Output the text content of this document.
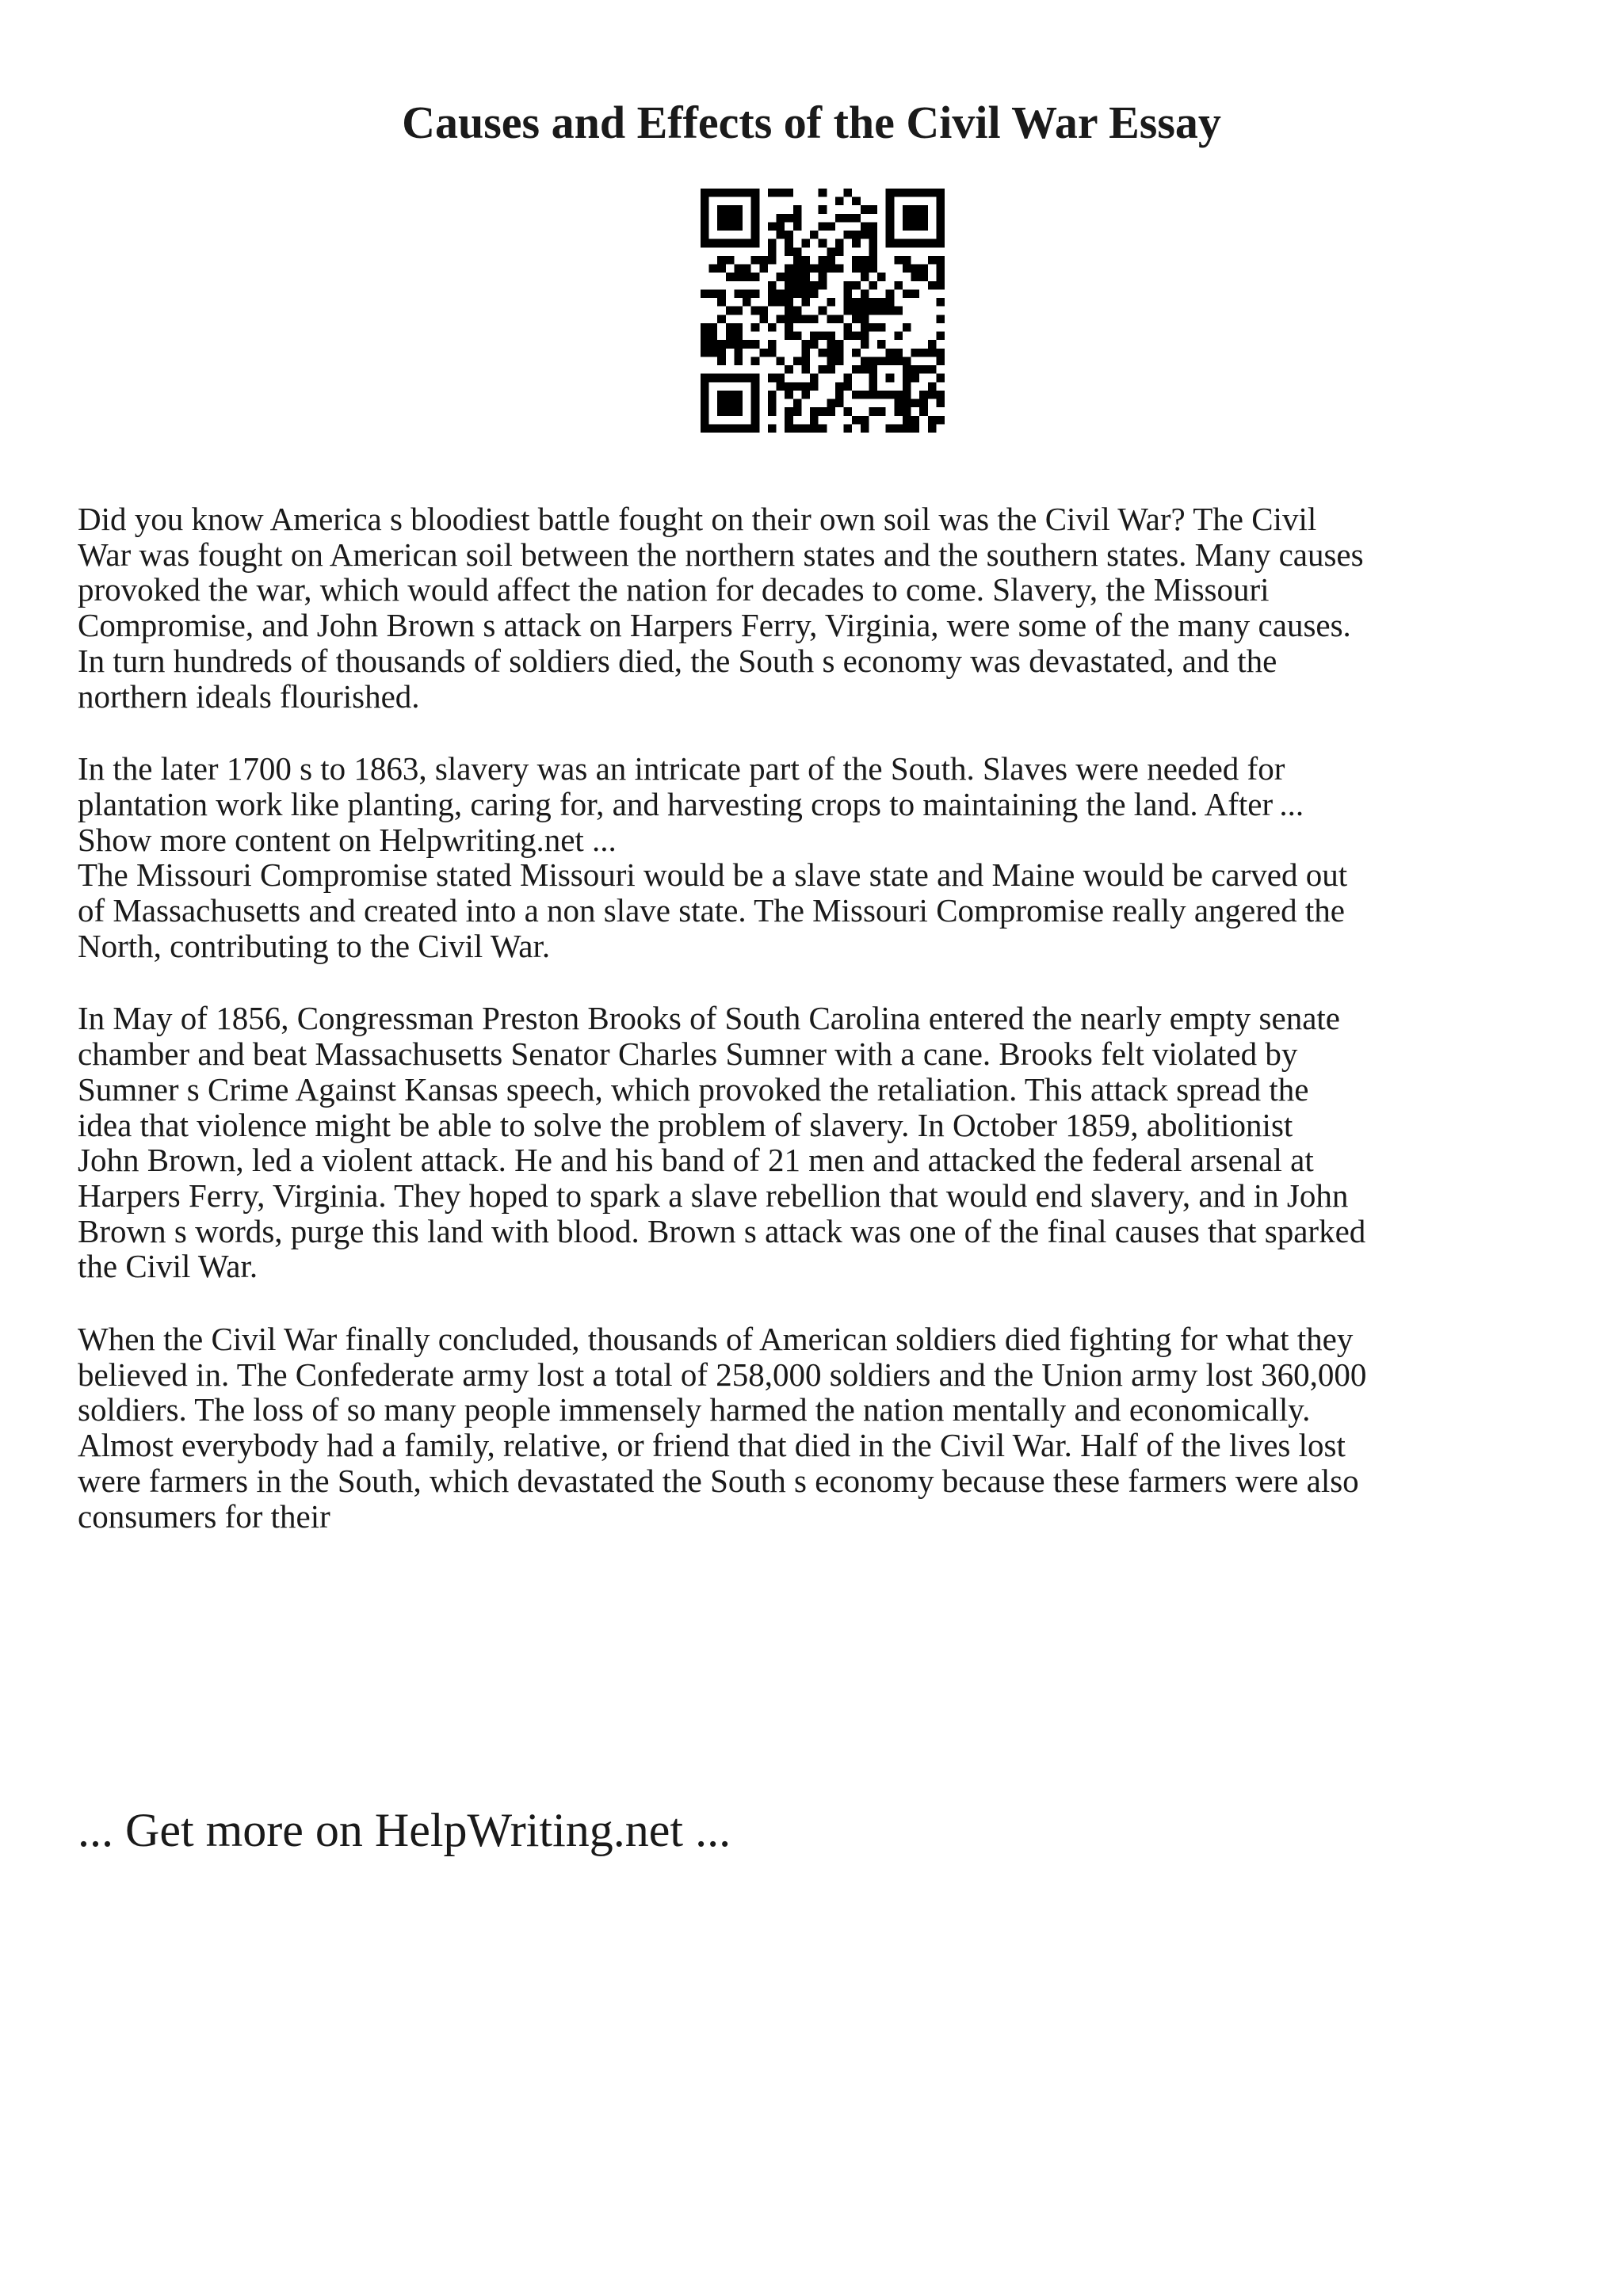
Causes and Effects of the Civil War Essay

Did you know America s bloodiest battle fought on their own soil was the Civil War? The Civil
War was fought on American soil between the northern states and the southern states. Many causes
provoked the war, which would affect the nation for decades to come. Slavery, the Missouri
Compromise, and John Brown s attack on Harpers Ferry, Virginia, were some of the many causes.
In turn hundreds of thousands of soldiers died, the South s economy was devastated, and the
northern ideals flourished.

In the later 1700 s to 1863, slavery was an intricate part of the South. Slaves were needed for
plantation work like planting, caring for, and harvesting crops to maintaining the land. After ...

Show more content on Helpwriting.net ...

The Missouri Compromise stated Missouri would be a slave state and Maine would be carved out
of Massachusetts and created into a non slave state. The Missouri Compromise really angered the
North, contributing to the Civil War.

In May of 1856, Congressman Preston Brooks of South Carolina entered the nearly empty senate
chamber and beat Massachusetts Senator Charles Sumner with a cane. Brooks felt violated by
Sumner s Crime Against Kansas speech, which provoked the retaliation. This attack spread the
idea that violence might be able to solve the problem of slavery. In October 1859, abolitionist
John Brown, led a violent attack. He and his band of 21 men and attacked the federal arsenal at
Harpers Ferry, Virginia. They hoped to spark a slave rebellion that would end slavery, and in John
Brown s words, purge this land with blood. Brown s attack was one of the final causes that sparked
the Civil War.

When the Civil War finally concluded, thousands of American soldiers died fighting for what they
believed in. The Confederate army lost a total of 258,000 soldiers and the Union army lost 360,000
soldiers. The loss of so many people immensely harmed the nation mentally and economically.
Almost everybody had a family, relative, or friend that died in the Civil War. Half of the lives lost
were farmers in the South, which devastated the South s economy because these farmers were also
consumers for their

... Get more on HelpWriting.net ...
